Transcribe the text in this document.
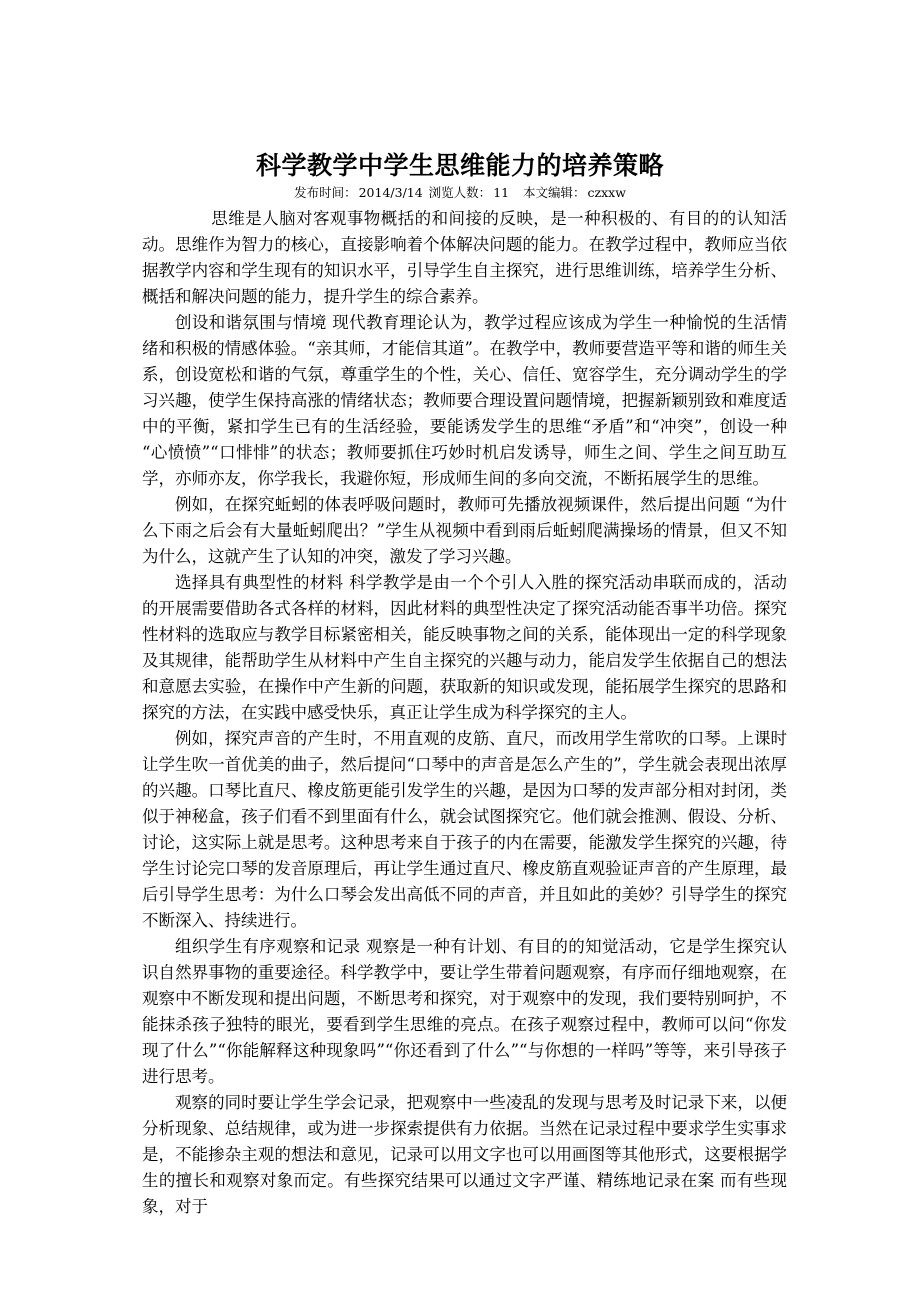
科学教学中学生思维能力的培养策略
发布时间： 2014/3/14 浏览人数： 11 本文编辑： czxxw

思维是人脑对客观事物概括的和间接的反映，是一种积极的、有目的的认知活动。思维作为智力的核心，直接影响着个体解决问题的能力。在教学过程中，教师应当依据教学内容和学生现有的知识水平，引导学生自主探究，进行思维训练，培养学生分析、概括和解决问题的能力，提升学生的综合素养。

创设和谐氛围与情境 现代教育理论认为，教学过程应该成为学生一种愉悦的生活情绪和积极的情感体验。“亲其师，才能信其道”。在教学中，教师要营造平等和谐的师生关系，创设宽松和谐的气氛，尊重学生的个性，关心、信任、宽容学生，充分调动学生的学习兴趣，使学生保持高涨的情绪状态；教师要合理设置问题情境，把握新颖别致和难度适中的平衡，紧扣学生已有的生活经验，要能诱发学生的思维“矛盾”和“冲突”，创设一种 “心愤愤”“口悱悱”的状态；教师要抓住巧妙时机启发诱导，师生之间、学生之间互助互学，亦师亦友，你学我长，我避你短，形成师生间的多向交流，不断拓展学生的思维。

例如，在探究蚯蚓的体表呼吸问题时，教师可先播放视频课件，然后提出问题 “为什么下雨之后会有大量蚯蚓爬出？”学生从视频中看到雨后蚯蚓爬满操场的情景，但又不知为什么，这就产生了认知的冲突，激发了学习兴趣。

选择具有典型性的材料 科学教学是由一个个引人入胜的探究活动串联而成的，活动的开展需要借助各式各样的材料，因此材料的典型性决定了探究活动能否事半功倍。探究性材料的选取应与教学目标紧密相关，能反映事物之间的关系，能体现出一定的科学现象及其规律，能帮助学生从材料中产生自主探究的兴趣与动力，能启发学生依据自己的想法和意愿去实验，在操作中产生新的问题，获取新的知识或发现，能拓展学生探究的思路和探究的方法，在实践中感受快乐，真正让学生成为科学探究的主人。

例如，探究声音的产生时，不用直观的皮筋、直尺，而改用学生常吹的口琴。上课时让学生吹一首优美的曲子，然后提问“口琴中的声音是怎么产生的”，学生就会表现出浓厚的兴趣。口琴比直尺、橡皮筋更能引发学生的兴趣，是因为口琴的发声部分相对封闭，类似于神秘盒，孩子们看不到里面有什么，就会试图探究它。他们就会推测、假设、分析、讨论，这实际上就是思考。这种思考来自于孩子的内在需要，能激发学生探究的兴趣，待学生讨论完口琴的发音原理后，再让学生通过直尺、橡皮筋直观验证声音的产生原理，最后引导学生思考：为什么口琴会发出高低不同的声音，并且如此的美妙？引导学生的探究不断深入、持续进行。

组织学生有序观察和记录 观察是一种有计划、有目的的知觉活动，它是学生探究认识自然界事物的重要途径。科学教学中，要让学生带着问题观察，有序而仔细地观察，在观察中不断发现和提出问题，不断思考和探究，对于观察中的发现，我们要特别呵护，不能抹杀孩子独特的眼光，要看到学生思维的亮点。在孩子观察过程中，教师可以问“你发现了什么”“你能解释这种现象吗”“你还看到了什么”“与你想的一样吗”等等，来引导孩子进行思考。

观察的同时要让学生学会记录，把观察中一些凌乱的发现与思考及时记录下来，以便分析现象、总结规律，或为进一步探索提供有力依据。当然在记录过程中要求学生实事求是，不能掺杂主观的想法和意见，记录可以用文字也可以用画图等其他形式，这要根据学生的擅长和观察对象而定。有些探究结果可以通过文字严谨、精练地记录在案 而有些现象，对于
